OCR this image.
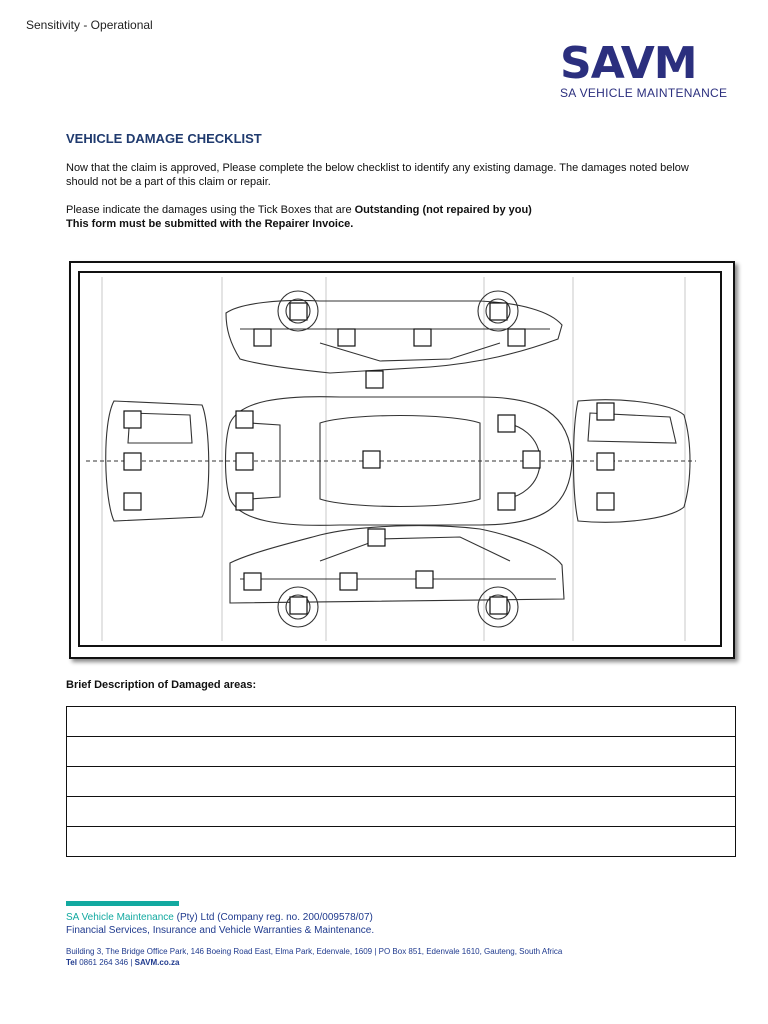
Sensitivity - Operational
SAVM
SA VEHICLE MAINTENANCE
VEHICLE DAMAGE CHECKLIST
Now that the claim is approved, Please complete the below checklist to identify any existing damage. The damages noted below should not be a part of this claim or repair.
Please indicate the damages using the Tick Boxes that are Outstanding (not repaired by you)
This form must be submitted with the Repairer Invoice.
Brief Description of Damaged areas:

SA Vehicle Maintenance (Pty) Ltd (Company reg. no. 200/009578/07)
Financial Services, Insurance and Vehicle Warranties & Maintenance.
Building 3, The Bridge Office Park, 146 Boeing Road East, Elma Park, Edenvale, 1609 | PO Box 851, Edenvale 1610, Gauteng, South Africa
Tel 0861 264 346 | SAVM.co.za
